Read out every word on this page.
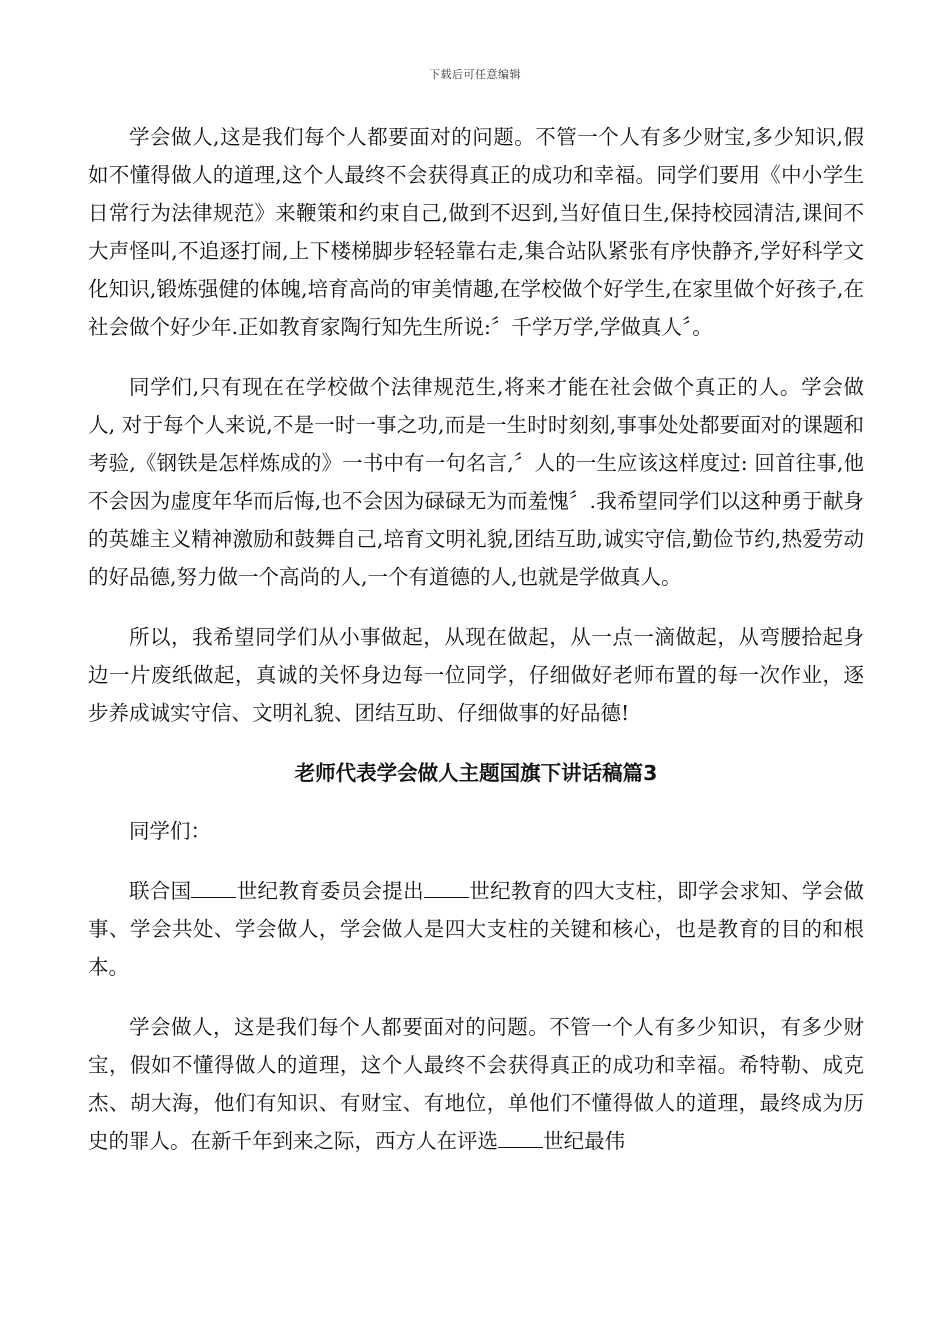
下载后可任意编辑

学会做人,这是我们每个人都要面对的问题。不管一个人有多少财宝,多少知识,假如不懂得做人的道理,这个人最终不会获得真正的成功和幸福。同学们要用《中小学生日常行为法律规范》来鞭策和约束自己,做到不迟到,当好值日生,保持校园清洁,课间不大声怪叫,不追逐打闹,上下楼梯脚步轻轻靠右走,集合站队紧张有序快静齐,学好科学文化知识,锻炼强健的体魄,培育高尚的审美情趣,在学校做个好学生,在家里做个好孩子,在社会做个好少年.正如教育家陶行知先生所说:〞千学万学,学做真人〞。

同学们,只有现在在学校做个法律规范生,将来才能在社会做个真正的人。学会做人, 对于每个人来说,不是一时一事之功,而是一生时时刻刻,事事处处都要面对的课题和考验,《钢铁是怎样炼成的》一书中有一句名言,〞人的一生应该这样度过: 回首往事,他不会因为虚度年华而后悔,也不会因为碌碌无为而羞愧〞.我希望同学们以这种勇于献身的英雄主义精神激励和鼓舞自己,培育文明礼貌,团结互助,诚实守信,勤俭节约,热爱劳动的好品德,努力做一个高尚的人,一个有道德的人,也就是学做真人。

所以，我希望同学们从小事做起，从现在做起，从一点一滴做起，从弯腰拾起身边一片废纸做起，真诚的关怀身边每一位同学，仔细做好老师布置的每一次作业，逐步养成诚实守信、文明礼貌、团结互助、仔细做事的好品德!

老师代表学会做人主题国旗下讲话稿篇3

同学们：

联合国 世纪教育委员会提出 世纪教育的四大支柱，即学会求知、学会做事、学会共处、学会做人，学会做人是四大支柱的关键和核心，也是教育的目的和根本。

学会做人，这是我们每个人都要面对的问题。不管一个人有多少知识，有多少财宝，假如不懂得做人的道理，这个人最终不会获得真正的成功和幸福。希特勒、成克杰、胡大海，他们有知识、有财宝、有地位，单他们不懂得做人的道理，最终成为历史的罪人。在新千年到来之际，西方人在评选 世纪最伟
